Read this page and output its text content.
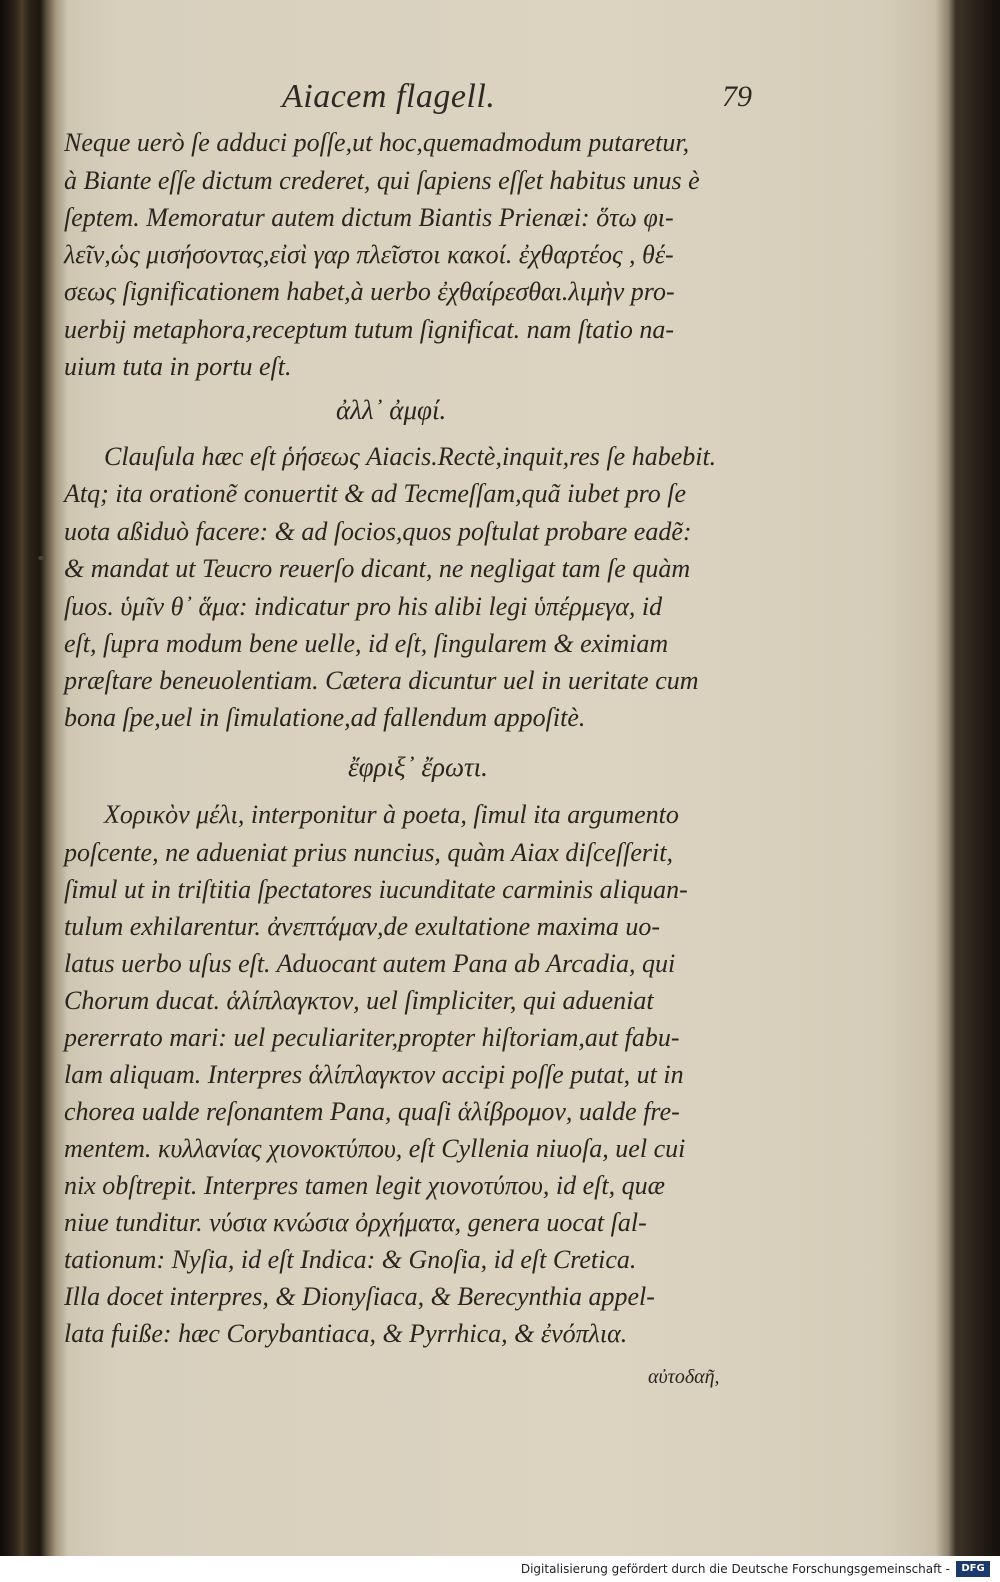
Aiacem flagell.	79
Neque uerò ſe adduci poſſe,ut hoc,quemadmodum putaretur,
à Biante eſſe dictum crederet, qui ſapiens eſſet habitus unus è
ſeptem. Memoratur autem dictum Biantis Prienæi: ὅτω φι-
λεῖν,ὡς μισήσοντας,εἰσὶ γαρ πλεῖστοι κακοί. ἐχθαρτέος , θέ-
σεως ſignificationem habet,à uerbo ἐχθαίρεσθαι.λιμὴν pro-
uerbij metaphora,receptum tutum ſignificat. nam ſtatio na-
uium tuta in portu eſt.
ἀλλ᾽ ἀμφί.
Clauſula hæc eſt ῥήσεως Aiacis.Rectè,inquit,res ſe habebit.
Atq; ita orationẽ conuertit & ad Tecmeſſam,quã iubet pro ſe
uota aßiduò facere: & ad ſocios,quos poſtulat probare eadẽ:
& mandat ut Teucro reuerſo dicant, ne negligat tam ſe quàm
ſuos. ὑμῖν θ᾽ ἅμα: indicatur pro his alibi legi ὑπέρμεγα, id
eſt, ſupra modum bene uelle, id eſt, ſingularem & eximiam
præſtare beneuolentiam. Cætera dicuntur uel in ueritate cum
bona ſpe,uel in ſimulatione,ad fallendum appoſitè.
ἔφριξ᾽ ἔρωτι.
Χορικὸν μέλι, interponitur à poeta, ſimul ita argumento
poſcente, ne adueniat prius nuncius, quàm Aiax diſceſſerit,
ſimul ut in triſtitia ſpectatores iucunditate carminis aliquan-
tulum exhilarentur. ἀνεπτάμαν,de exultatione maxima uo-
latus uerbo uſus eſt. Aduocant autem Pana ab Arcadia, qui
Chorum ducat. ἁλίπλαγκτον, uel ſimpliciter, qui adueniat
pererrato mari: uel peculiariter,propter hiſtoriam,aut fabu-
lam aliquam. Interpres ἁλίπλαγκτον accipi poſſe putat, ut in
chorea ualde reſonantem Pana, quaſi ἁλίβρομον, ualde fre-
mentem. κυλλανίας χιονοκτύπου, eſt Cyllenia niuoſa, uel cui
nix obſtrepit. Interpres tamen legit χιονοτύπου, id eſt, quæ
niue tunditur. νύσια κνώσια ὀρχήματα, genera uocat ſal-
tationum: Nyſia, id eſt Indica: & Gnoſia, id eſt Cretica.
Illa docet interpres, & Dionyſiaca, & Berecynthia appel-
lata fuiße: hæc Corybantiaca, & Pyrrhica, & ἐνόπλια.
αὐτοδαῆ,
Digitalisierung gefördert durch die Deutsche Forschungsgemeinschaft -	DFG
